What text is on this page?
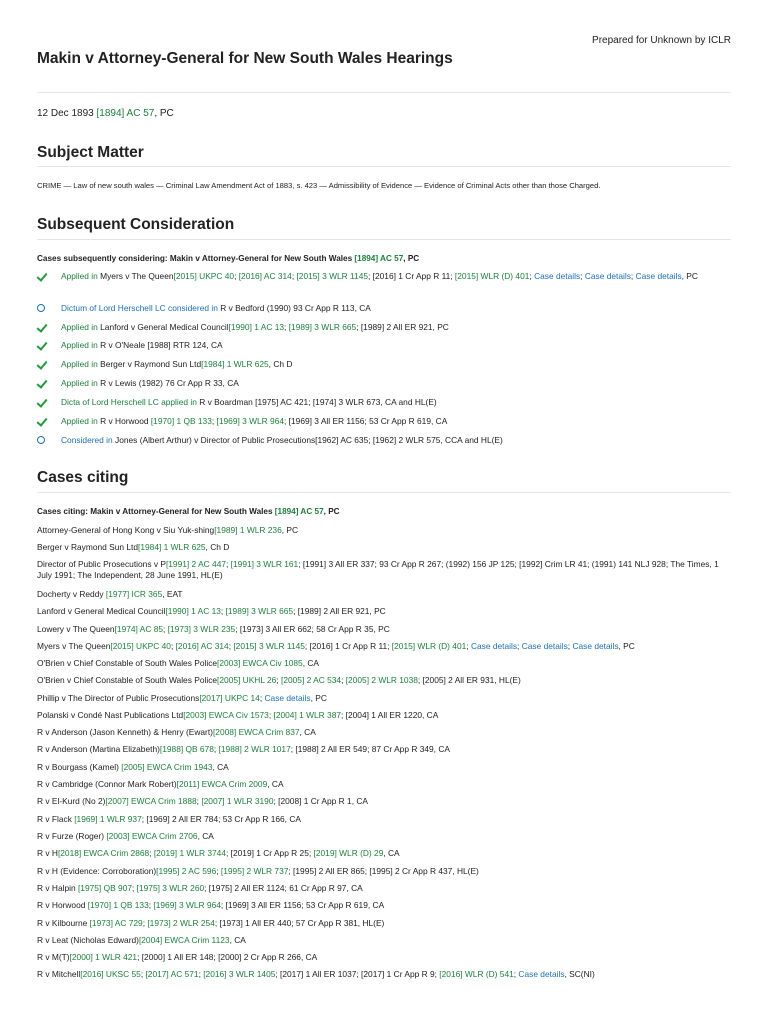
Prepared for Unknown by ICLR
Makin v Attorney-General for New South Wales Hearings
12 Dec 1893 [1894] AC 57, PC
Subject Matter
CRIME — Law of new south wales — Criminal Law Amendment Act of 1883, s. 423 — Admissibility of Evidence — Evidence of Criminal Acts other than those Charged.
Subsequent Consideration
Cases subsequently considering: Makin v Attorney-General for New South Wales [1894] AC 57, PC
Applied in Myers v The Queen[2015] UKPC 40; [2016] AC 314; [2015] 3 WLR 1145; [2016] 1 Cr App R 11; [2015] WLR (D) 401; Case details; Case details; Case details, PC
Dictum of Lord Herschell LC considered in R v Bedford (1990) 93 Cr App R 113, CA
Applied in Lanford v General Medical Council[1990] 1 AC 13; [1989] 3 WLR 665; [1989] 2 All ER 921, PC
Applied in R v O'Neale [1988] RTR 124, CA
Applied in Berger v Raymond Sun Ltd[1984] 1 WLR 625, Ch D
Applied in R v Lewis (1982) 76 Cr App R 33, CA
Dicta of Lord Herschell LC applied in R v Boardman [1975] AC 421; [1974] 3 WLR 673, CA and HL(E)
Applied in R v Horwood [1970] 1 QB 133; [1969] 3 WLR 964; [1969] 3 All ER 1156; 53 Cr App R 619, CA
Considered in Jones (Albert Arthur) v Director of Public Prosecutions[1962] AC 635; [1962] 2 WLR 575, CCA and HL(E)
Cases citing
Cases citing: Makin v Attorney-General for New South Wales [1894] AC 57, PC
Attorney-General of Hong Kong v Siu Yuk-shing[1989] 1 WLR 236, PC
Berger v Raymond Sun Ltd[1984] 1 WLR 625, Ch D
Director of Public Prosecutions v P[1991] 2 AC 447; [1991] 3 WLR 161; [1991] 3 All ER 337; 93 Cr App R 267; (1992) 156 JP 125; [1992] Crim LR 41; (1991) 141 NLJ 928; The Times, 1 July 1991; The Independent, 28 June 1991, HL(E)
Docherty v Reddy [1977] ICR 365, EAT
Lanford v General Medical Council[1990] 1 AC 13; [1989] 3 WLR 665; [1989] 2 All ER 921, PC
Lowery v The Queen[1974] AC 85; [1973] 3 WLR 235; [1973] 3 All ER 662; 58 Cr App R 35, PC
Myers v The Queen[2015] UKPC 40; [2016] AC 314; [2015] 3 WLR 1145; [2016] 1 Cr App R 11; [2015] WLR (D) 401; Case details; Case details; Case details, PC
O'Brien v Chief Constable of South Wales Police[2003] EWCA Civ 1085, CA
O'Brien v Chief Constable of South Wales Police[2005] UKHL 26; [2005] 2 AC 534; [2005] 2 WLR 1038; [2005] 2 All ER 931, HL(E)
Phillip v The Director of Public Prosecutions[2017] UKPC 14; Case details, PC
Polanski v Condé Nast Publications Ltd[2003] EWCA Civ 1573; [2004] 1 WLR 387; [2004] 1 All ER 1220, CA
R v Anderson (Jason Kenneth) & Henry (Ewart)[2008] EWCA Crim 837, CA
R v Anderson (Martina Elizabeth)[1988] QB 678; [1988] 2 WLR 1017; [1988] 2 All ER 549; 87 Cr App R 349, CA
R v Bourgass (Kamel) [2005] EWCA Crim 1943, CA
R v Cambridge (Connor Mark Robert)[2011] EWCA Crim 2009, CA
R v El-Kurd (No 2)[2007] EWCA Crim 1888; [2007] 1 WLR 3190; [2008] 1 Cr App R 1, CA
R v Flack [1969] 1 WLR 937; [1969] 2 All ER 784; 53 Cr App R 166, CA
R v Furze (Roger) [2003] EWCA Crim 2706, CA
R v H[2018] EWCA Crim 2868; [2019] 1 WLR 3744; [2019] 1 Cr App R 25; [2019] WLR (D) 29, CA
R v H (Evidence: Corroboration)[1995] 2 AC 596; [1995] 2 WLR 737; [1995] 2 All ER 865; [1995] 2 Cr App R 437, HL(E)
R v Halpin [1975] QB 907; [1975] 3 WLR 260; [1975] 2 All ER 1124; 61 Cr App R 97, CA
R v Horwood [1970] 1 QB 133; [1969] 3 WLR 964; [1969] 3 All ER 1156; 53 Cr App R 619, CA
R v Kilbourne [1973] AC 729; [1973] 2 WLR 254; [1973] 1 All ER 440; 57 Cr App R 381, HL(E)
R v Leat (Nicholas Edward)[2004] EWCA Crim 1123, CA
R v M(T)[2000] 1 WLR 421; [2000] 1 All ER 148; [2000] 2 Cr App R 266, CA
R v Mitchell[2016] UKSC 55; [2017] AC 571; [2016] 3 WLR 1405; [2017] 1 All ER 1037; [2017] 1 Cr App R 9; [2016] WLR (D) 541; Case details, SC(NI)
